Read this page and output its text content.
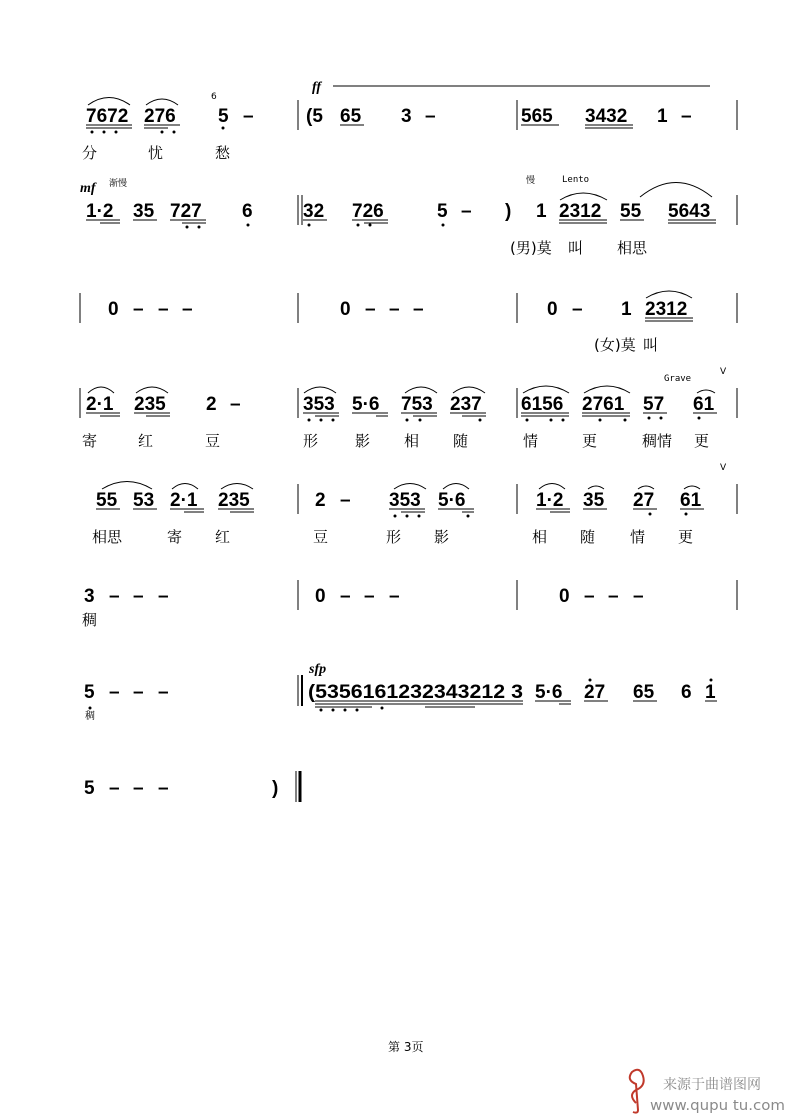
7672 276 5 –	(5 65 3 –	565 3432 1 –
1·2 35 727 6	32 726	5 – ) 1 2312 55 5643
0 – – –	0 – – –	0 – 1 2312
2·1 235 2 –	353 5·6 753 237 6156 2761 57 61
55 53 2·1 235	2 – 353 5·6	1·2 35 27 61
3 – – –	0 – – –	0 – – –
5 – – –	(5356161232343212 3 5·6 27 65 6 1
5 – – –	)
分	忧	愁
(男)莫 叫 相思
(女)莫 叫
寄	红	豆	形 影 相 随	情	更	稠情 更
相思	寄 红	豆	形 影	相 随 情 更
稠
稠
ff
6
mf 渐慢	慢	Lento
Grave
V
V
sfp
第 3页
来源于曲谱图网
www.qupu tu.com
